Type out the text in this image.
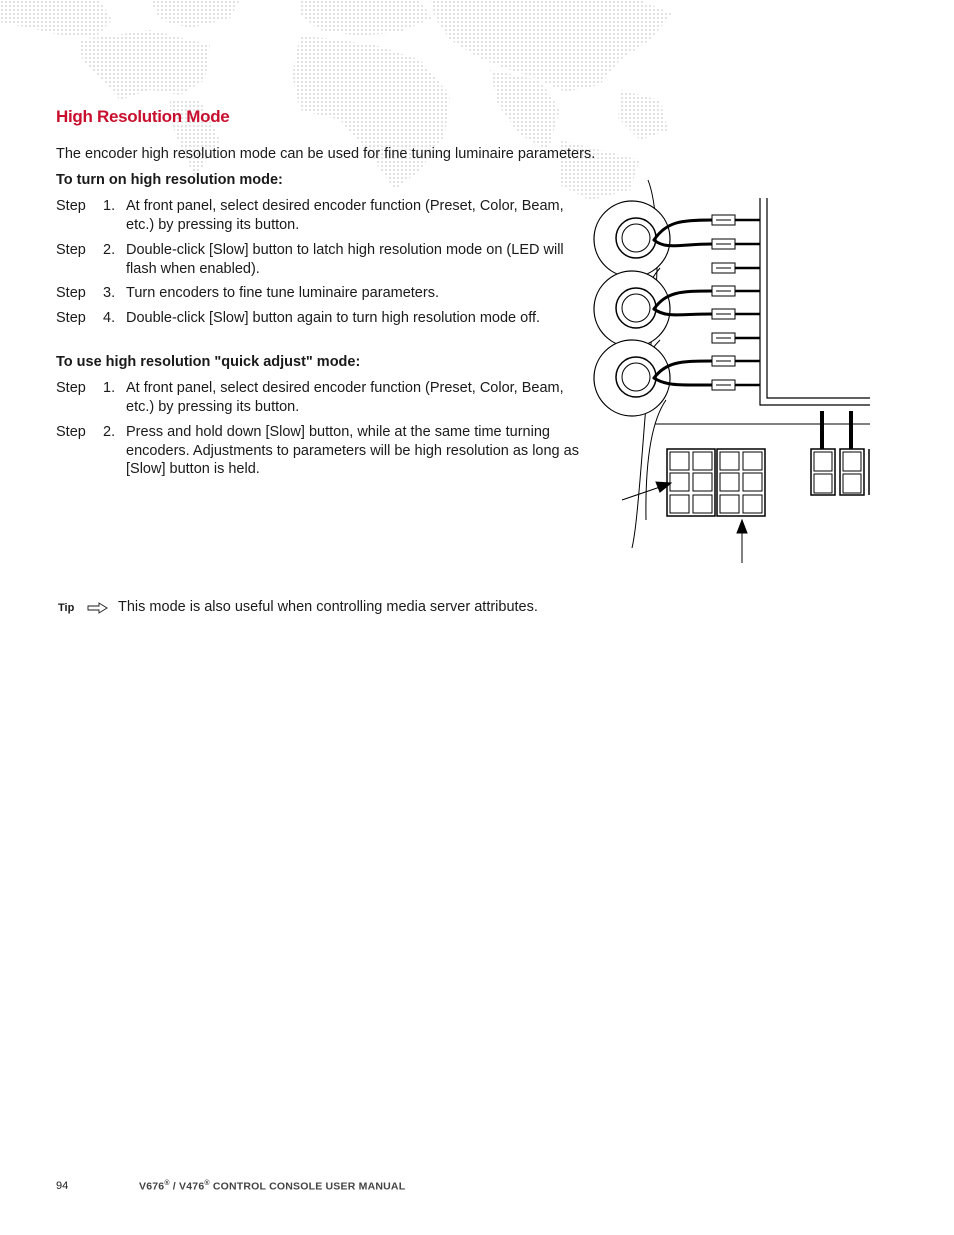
High Resolution Mode

The encoder high resolution mode can be used for fine tuning luminaire parameters.

To turn on high resolution mode:

Step 1. At front panel, select desired encoder function (Preset, Color, Beam, etc.) by pressing its button.
Step 2. Double-click [Slow] button to latch high resolution mode on (LED will flash when enabled).
Step 3. Turn encoders to fine tune luminaire parameters.
Step 4. Double-click [Slow] button again to turn high resolution mode off.

To use high resolution "quick adjust" mode:

Step 1. At front panel, select desired encoder function (Preset, Color, Beam, etc.) by pressing its button.
Step 2. Press and hold down [Slow] button, while at the same time turning encoders. Adjustments to parameters will be high resolution as long as [Slow] button is held.
Tip	This mode is also useful when controlling media server attributes.
94	V676® / V476® CONTROL CONSOLE USER MANUAL
